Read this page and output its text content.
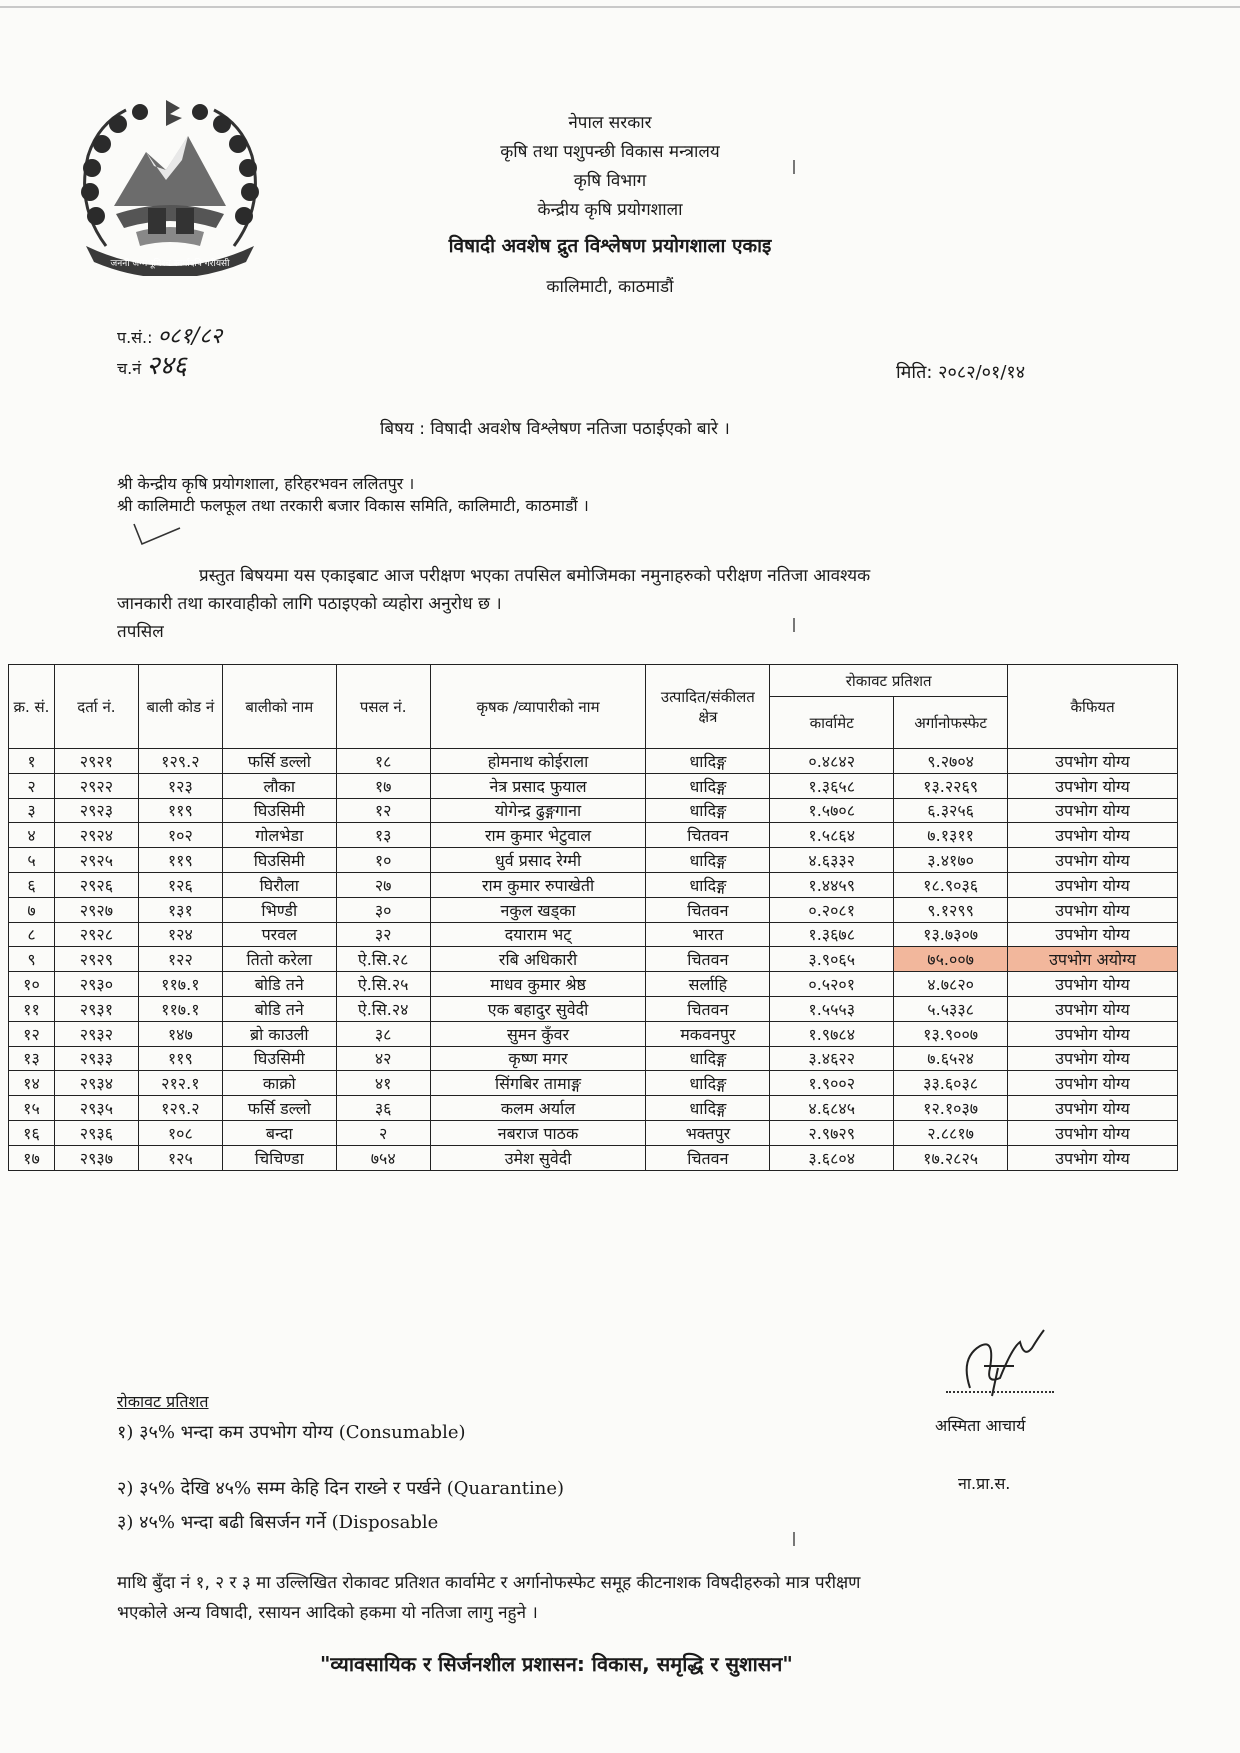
जननी जन्मभूमिश्च स्वर्गादपि गरीयसी
नेपाल सरकार
कृषि तथा पशुपन्छी विकास मन्त्रालय
कृषि विभाग
केन्द्रीय कृषि प्रयोगशाला
विषादी अवशेष द्रुत विश्लेषण प्रयोगशाला एकाइ
कालिमाटी, काठमाडौं
प.सं.: ०८१/८२
च.नं २४६	मिति: २०८२/०१/१४
बिषय : विषादी अवशेष विश्लेषण नतिजा पठाईएको बारे ।
श्री केन्द्रीय कृषि प्रयोगशाला, हरिहरभवन ललितपुर ।
श्री कालिमाटी फलफूल तथा तरकारी बजार विकास समिति, कालिमाटी, काठमाडौं ।
प्रस्तुत बिषयमा यस एकाइबाट आज परीक्षण भएका तपसिल बमोजिमका नमुनाहरुको परीक्षण नतिजा आवश्यक
जानकारी तथा कारवाहीको लागि पठाइएको व्यहोरा अनुरोध छ ।
तपसिल
क्र. सं.	दर्ता नं.	बाली कोड नं	बालीको नाम	पसल नं.	कृषक /व्यापारीको नाम	उत्पादित/संकीलत क्षेत्र	रोकावट प्रतिशत		कैफियत
							कार्वामेट	अर्गानोफस्फेट	
१	२९२१	१२९.२	फर्सि डल्लो	१८	होमनाथ कोईराला	धादिङ्ग	०.४८४२	९.२७०४	उपभोग योग्य
२	२९२२	१२३	लौका	१७	नेत्र प्रसाद फुयाल	धादिङ्ग	१.३६५८	१३.२२६९	उपभोग योग्य
३	२९२३	११९	घिउसिमी	१२	योगेन्द्र ढुङ्गगाना	धादिङ्ग	१.५७०८	६.३२५६	उपभोग योग्य
४	२९२४	१०२	गोलभेडा	१३	राम कुमार भेटुवाल	चितवन	१.५८६४	७.१३११	उपभोग योग्य
५	२९२५	११९	घिउसिमी	१०	धुर्व प्रसाद रेग्मी	धादिङ्ग	४.६३३२	३.४१७०	उपभोग योग्य
६	२९२६	१२६	घिरौला	२७	राम कुमार रुपाखेती	धादिङ्ग	१.४४५९	१८.९०३६	उपभोग योग्य
७	२९२७	१३१	भिण्डी	३०	नकुल खड्का	चितवन	०.२०८१	९.१२९९	उपभोग योग्य
८	२९२८	१२४	परवल	३२	दयाराम भट्	भारत	१.३६७८	१३.७३०७	उपभोग योग्य
९	२९२९	१२२	तितो करेला	ऐ.सि.२८	रबि अधिकारी	चितवन	३.९०६५	७५.००७	उपभोग अयोग्य
१०	२९३०	११७.१	बोडि तने	ऐ.सि.२५	माधव कुमार श्रेष्ठ	सर्लाहि	०.५२०१	४.७८२०	उपभोग योग्य
११	२९३१	११७.१	बोडि तने	ऐ.सि.२४	एक बहादुर सुवेदी	चितवन	१.५५५३	५.५३३८	उपभोग योग्य
१२	२९३२	१४७	ब्रो काउली	३८	सुमन कुँवर	मकवनपुर	१.९७८४	१३.९००७	उपभोग योग्य
१३	२९३३	११९	घिउसिमी	४२	कृष्ण मगर	धादिङ्ग	३.४६२२	७.६५२४	उपभोग योग्य
१४	२९३४	२१२.१	काक्रो	४१	सिंगबिर तामाङ्ग	धादिङ्ग	१.९००२	३३.६०३८	उपभोग योग्य
१५	२९३५	१२९.२	फर्सि डल्लो	३६	कलम अर्याल	धादिङ्ग	४.६८४५	१२.१०३७	उपभोग योग्य
१६	२९३६	१०८	बन्दा	२	नबराज पाठक	भक्तपुर	२.९७२९	२.८८१७	उपभोग योग्य
१७	२९३७	१२५	चिचिण्डा	७५४	उमेश सुवेदी	चितवन	३.६८०४	१७.२८२५	उपभोग योग्य
रोकावट प्रतिशत
१) ३५% भन्दा कम उपभोग योग्य (Consumable)
२) ३५% देखि ४५% सम्म केहि दिन राख्ने र पर्खने (Quarantine)
३) ४५% भन्दा बढी बिसर्जन गर्ने (Disposable
अस्मिता आचार्य
ना.प्रा.स.
माथि बुँदा नं १, २ र ३ मा उल्लिखित रोकावट प्रतिशत कार्वामेट र अर्गानोफस्फेट समूह कीटनाशक विषदीहरुको मात्र परीक्षण
भएकोले अन्य विषादी, रसायन आदिको हकमा यो नतिजा लागु नहुने ।
"व्यावसायिक र सिर्जनशील प्रशासन: विकास, समृद्धि र सुशासन"
